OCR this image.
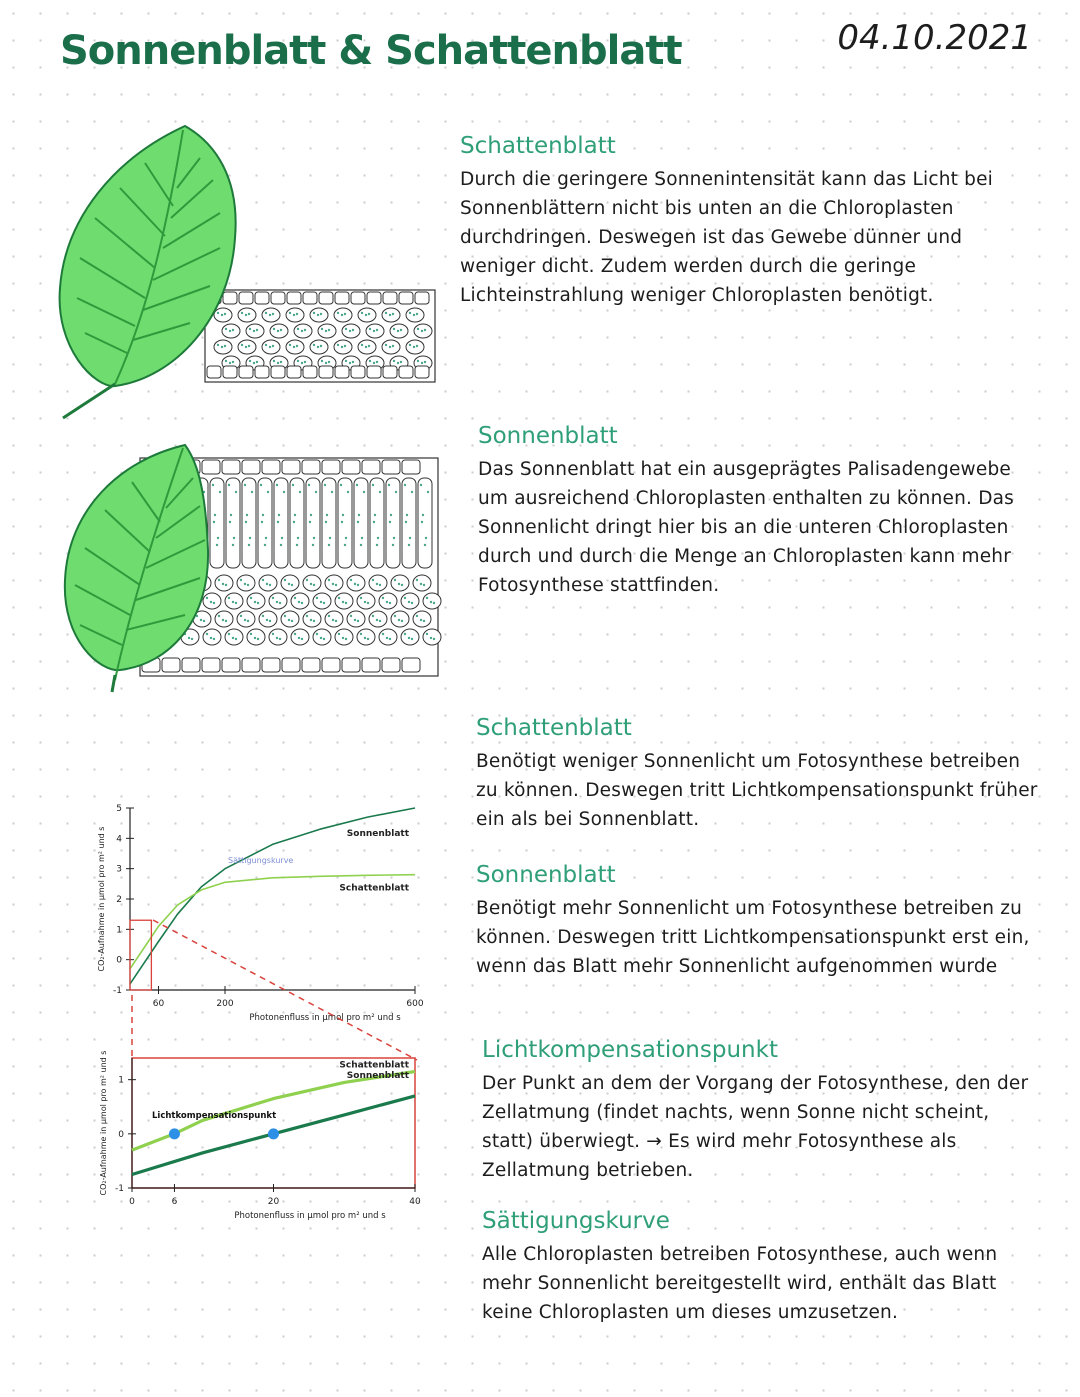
Sonnenblatt & Schattenblatt	04.10.2021
-1
0
1
2
3
4
5
60	200	600
Photonenfluss in µmol pro m² und s
CO₂-Aufnahme in µmol pro m² und s	Sonnenblatt
Schattenblatt
Sättigungskurve
-1
0
1
0	6	20	40
Photonenfluss in µmol pro m² und s
CO₂-Aufnahme in µmol pro m² und s	Schattenblatt
Sonnenblatt
Lichtkompensationspunkt
Schattenblatt

Durch die geringere Sonnenintensität kann das Licht bei Sonnenblättern nicht bis unten an die Chloroplasten durchdringen. Deswegen ist das Gewebe dünner und weniger dicht. Zudem werden durch die geringe Lichteinstrahlung weniger Chloroplasten benötigt.

Sonnenblatt

Das Sonnenblatt hat ein ausgeprägtes Palisadengewebe um ausreichend Chloroplasten enthalten zu können. Das Sonnenlicht dringt hier bis an die unteren Chloroplasten durch und durch die Menge an Chloroplasten kann mehr Fotosynthese stattfinden.

Schattenblatt

Benötigt weniger Sonnenlicht um Fotosynthese betreiben zu können. Deswegen tritt Lichtkompensationspunkt früher ein als bei Sonnenblatt.

Sonnenblatt

Benötigt mehr Sonnenlicht um Fotosynthese betreiben zu können. Deswegen tritt Lichtkompensationspunkt erst ein, wenn das Blatt mehr Sonnenlicht aufgenommen wurde

Lichtkompensationspunkt

Der Punkt an dem der Vorgang der Fotosynthese, den der Zellatmung (findet nachts, wenn Sonne nicht scheint, statt) überwiegt. → Es wird mehr Fotosynthese als Zellatmung betrieben.

Sättigungskurve

Alle Chloroplasten betreiben Fotosynthese, auch wenn mehr Sonnenlicht bereitgestellt wird, enthält das Blatt keine Chloroplasten um dieses umzusetzen.
